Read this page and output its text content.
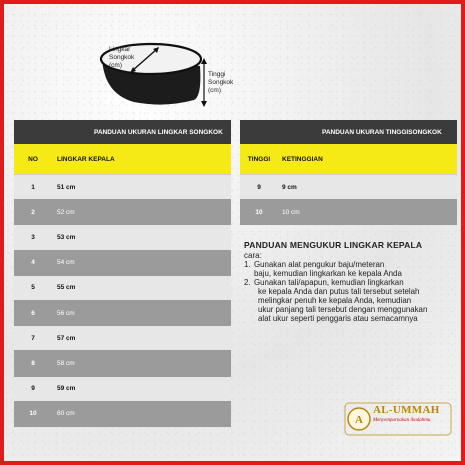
Lingkar
Songkok
(cm)
Tinggi
Songkok
(cm)
PANDUAN UKURAN LINGKAR SONGKOK
NO	LINGKAR KEPALA
1	51 cm
2	52 cm
3	53 cm
4	54 cm
5	55 cm
6	56 cm
7	57 cm
8	58 cm
9	59 cm
10	60 cm
PANDUAN UKURAN TINGGISONGKOK
TINGGI	KETINGGIAN
9	9 cm
10	10 cm
PANDUAN MENGUKUR LINGKAR KEPALA
cara:
1. Gunakan alat pengukur baju/meteran
baju, kemudian lingkarkan ke kepala Anda
2. Gunakan tali/apapun, kemudian lingkarkan
ke kepala Anda dan putus tali tersebut setelah
melingkar penuh ke kepala Anda, kemudian
ukur panjang tali tersebut dengan menggunakan
alat ukur seperti penggaris atau semacamnya
A
AL-UMMAH
Menyempurnakan ibadahmu
